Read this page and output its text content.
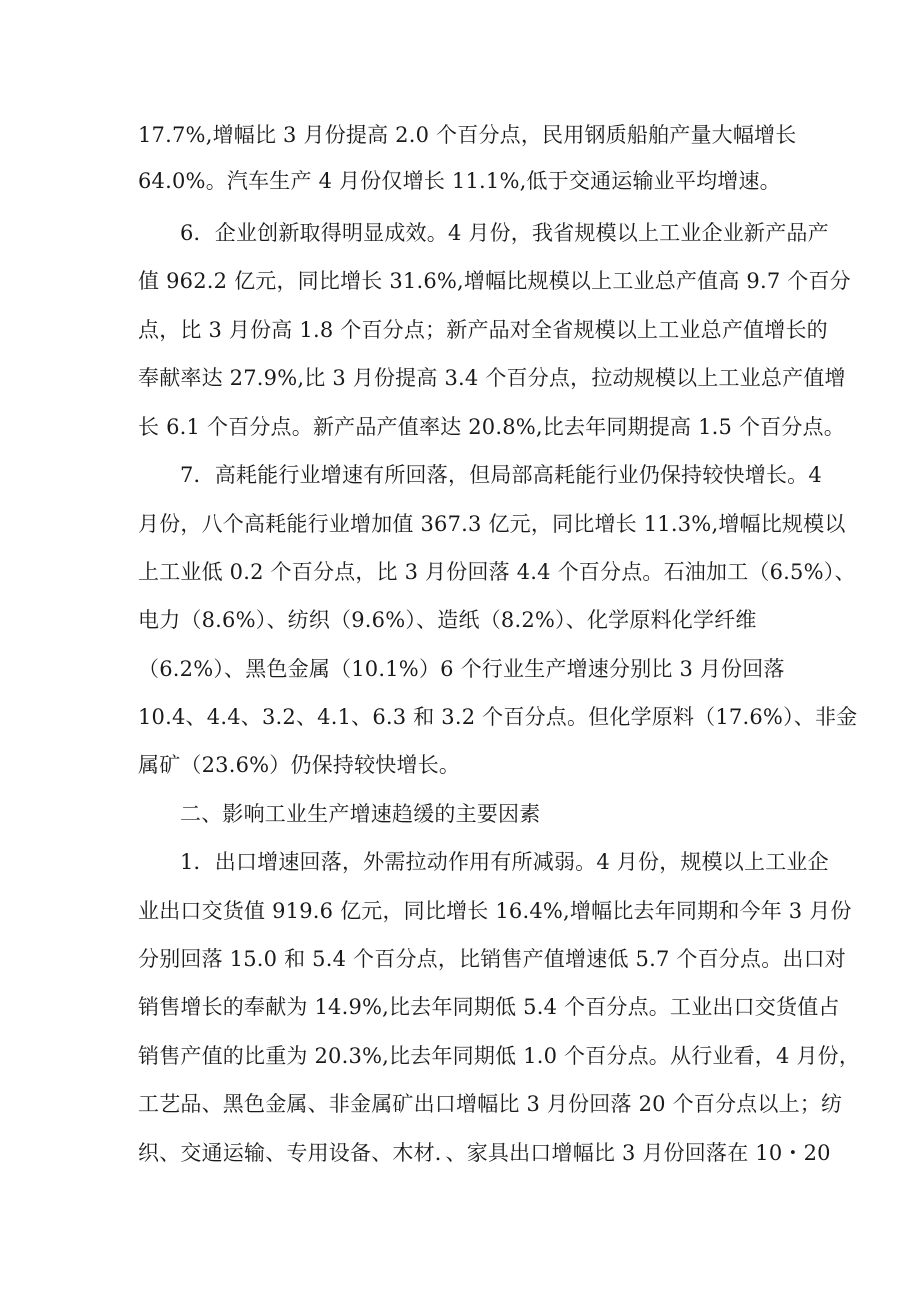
17.7%,增幅比 3 月份提高 2.0 个百分点，民用钢质船舶产量大幅增长
64.0%。汽车生产 4 月份仅增长 11.1%,低于交通运输业平均增速。
6．企业创新取得明显成效。4 月份，我省规模以上工业企业新产品产
值 962.2 亿元，同比增长 31.6%,增幅比规模以上工业总产值高 9.7 个百分
点，比 3 月份高 1.8 个百分点；新产品对全省规模以上工业总产值增长的
奉献率达 27.9%,比 3 月份提高 3.4 个百分点，拉动规模以上工业总产值增
长 6.1 个百分点。新产品产值率达 20.8%,比去年同期提高 1.5 个百分点。
7．高耗能行业增速有所回落，但局部高耗能行业仍保持较快增长。4
月份，八个高耗能行业增加值 367.3 亿元，同比增长 11.3%,增幅比规模以
上工业低 0.2 个百分点，比 3 月份回落 4.4 个百分点。石油加工（6.5%）、
电力（8.6%）、纺织（9.6%）、造纸（8.2%）、化学原料化学纤维
（6.2%）、黑色金属（10.1%）6 个行业生产增速分别比 3 月份回落
10.4、4.4、3.2、4.1、6.3 和 3.2 个百分点。但化学原料（17.6%）、非金
属矿（23.6%）仍保持较快增长。
二、影响工业生产增速趋缓的主要因素
1．出口增速回落，外需拉动作用有所减弱。4 月份，规模以上工业企
业出口交货值 919.6 亿元，同比增长 16.4%,增幅比去年同期和今年 3 月份
分别回落 15.0 和 5.4 个百分点，比销售产值增速低 5.7 个百分点。出口对
销售增长的奉献为 14.9%,比去年同期低 5.4 个百分点。工业出口交货值占
销售产值的比重为 20.3%,比去年同期低 1.0 个百分点。从行业看，4 月份，
工艺品、黑色金属、非金属矿出口增幅比 3 月份回落 20 个百分点以上；纺
织、交通运输、专用设备、木材．、家具出口增幅比 3 月份回落在 10・20
